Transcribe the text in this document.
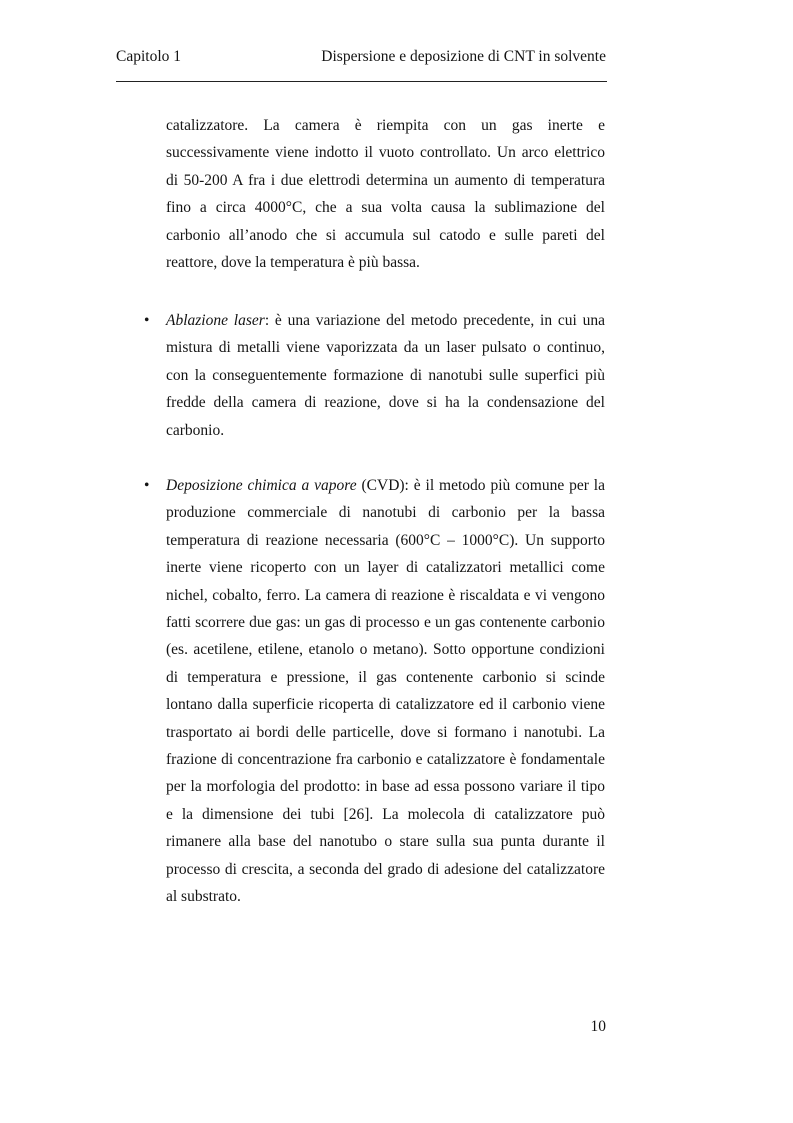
Capitolo 1	Dispersione e deposizione di CNT in solvente

catalizzatore. La camera è riempita con un gas inerte e successivamente viene indotto il vuoto controllato. Un arco elettrico di 50-200 A fra i due elettrodi determina un aumento di temperatura fino a circa 4000°C, che a sua volta causa la sublimazione del carbonio all’anodo che si accumula sul catodo e sulle pareti del reattore, dove la temperatura è più bassa.

• Ablazione laser: è una variazione del metodo precedente, in cui una mistura di metalli viene vaporizzata da un laser pulsato o continuo, con la conseguentemente formazione di nanotubi sulle superfici più fredde della camera di reazione, dove si ha la condensazione del carbonio.

• Deposizione chimica a vapore (CVD): è il metodo più comune per la produzione commerciale di nanotubi di carbonio per la bassa temperatura di reazione necessaria (600°C – 1000°C). Un supporto inerte viene ricoperto con un layer di catalizzatori metallici come nichel, cobalto, ferro. La camera di reazione è riscaldata e vi vengono fatti scorrere due gas: un gas di processo e un gas contenente carbonio (es. acetilene, etilene, etanolo o metano). Sotto opportune condizioni di temperatura e pressione, il gas contenente carbonio si scinde lontano dalla superficie ricoperta di catalizzatore ed il carbonio viene trasportato ai bordi delle particelle, dove si formano i nanotubi. La frazione di concentrazione fra carbonio e catalizzatore è fondamentale per la morfologia del prodotto: in base ad essa possono variare il tipo e la dimensione dei tubi [26]. La molecola di catalizzatore può rimanere alla base del nanotubo o stare sulla sua punta durante il processo di crescita, a seconda del grado di adesione del catalizzatore al substrato.

10
